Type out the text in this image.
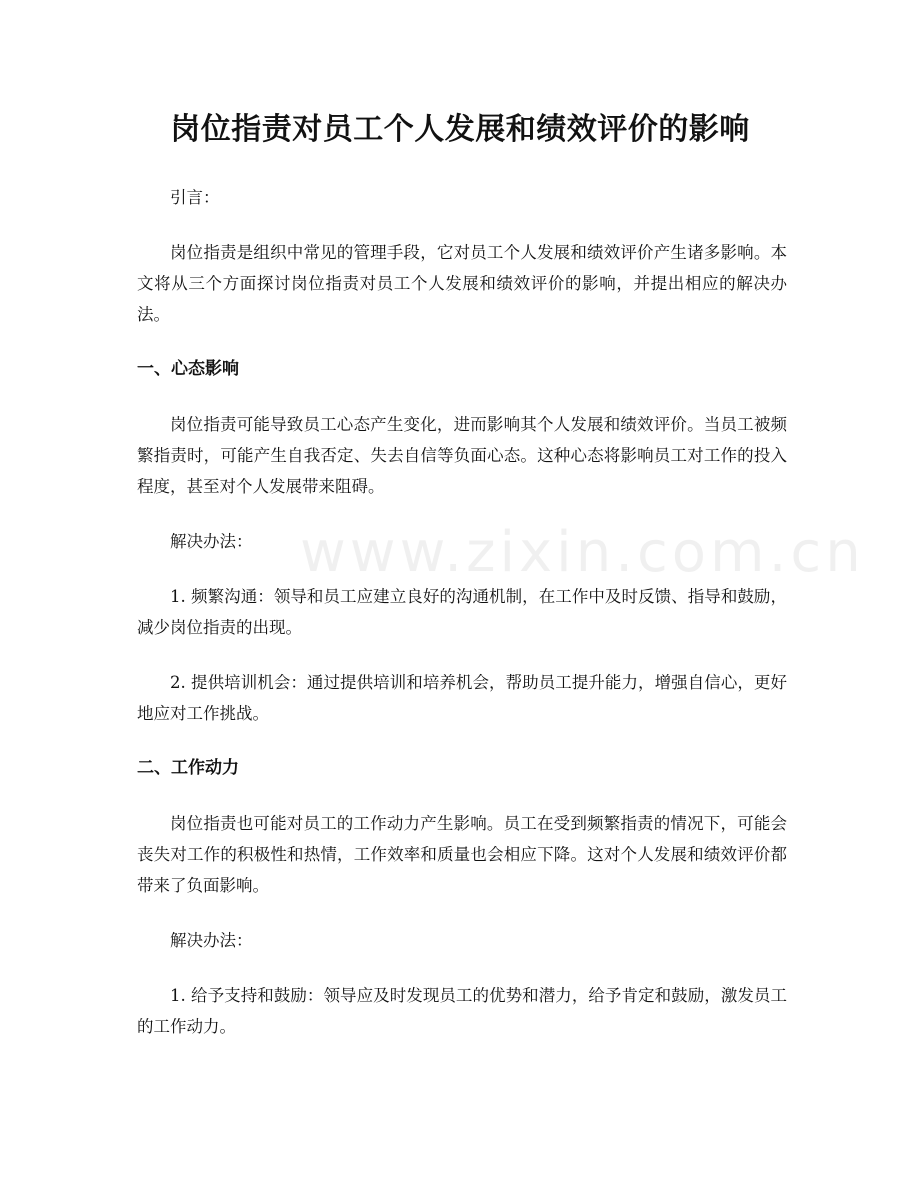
岗位指责对员工个人发展和绩效评价的影响
www.zixin.com.cn

引言：

岗位指责是组织中常见的管理手段，它对员工个人发展和绩效评价产生诸多影响。本文将从三个方面探讨岗位指责对员工个人发展和绩效评价的影响，并提出相应的解决办法。

一、心态影响

岗位指责可能导致员工心态产生变化，进而影响其个人发展和绩效评价。当员工被频繁指责时，可能产生自我否定、失去自信等负面心态。这种心态将影响员工对工作的投入程度，甚至对个人发展带来阻碍。

解决办法：

1. 频繁沟通：领导和员工应建立良好的沟通机制，在工作中及时反馈、指导和鼓励，减少岗位指责的出现。

2. 提供培训机会：通过提供培训和培养机会，帮助员工提升能力，增强自信心，更好地应对工作挑战。

二、工作动力

岗位指责也可能对员工的工作动力产生影响。员工在受到频繁指责的情况下，可能会丧失对工作的积极性和热情，工作效率和质量也会相应下降。这对个人发展和绩效评价都带来了负面影响。

解决办法：

1. 给予支持和鼓励：领导应及时发现员工的优势和潜力，给予肯定和鼓励，激发员工的工作动力。
